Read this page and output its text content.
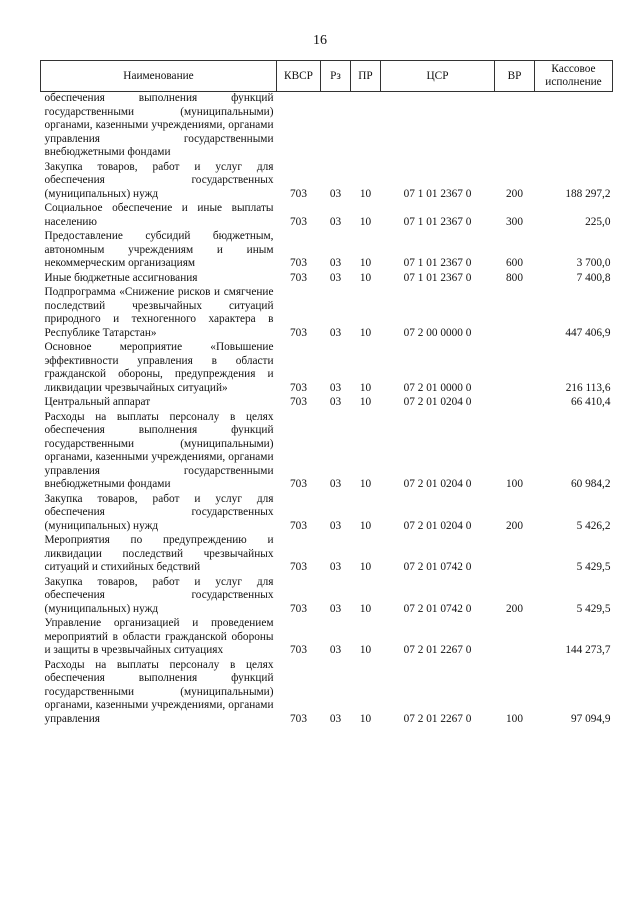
16
Наименование	КВСР	Рз	ПР	ЦСР	ВР	Кассовое исполнение
обеспечения выполнения функций государственными (муниципальными) органами, казенными учреждениями, органами управления государственными внебюджетными фондами						
Закупка товаров, работ и услуг для обеспечения государственных (муниципальных) нужд	703	03	10	07 1 01 2367 0	200	188 297,2
Социальное обеспечение и иные выплаты населению	703	03	10	07 1 01 2367 0	300	225,0
Предоставление субсидий бюджетным, автономным учреждениям и иным некоммерческим организациям	703	03	10	07 1 01 2367 0	600	3 700,0
Иные бюджетные ассигнования	703	03	10	07 1 01 2367 0	800	7 400,8
Подпрограмма «Снижение рисков и смягчение последствий чрезвычайных ситуаций природного и техногенного характера в Республике Татарстан»	703	03	10	07 2 00 0000 0		447 406,9
Основное мероприятие «Повышение эффективности управления в области гражданской обороны, предупреждения и ликвидации чрезвычайных ситуаций»	703	03	10	07 2 01 0000 0		216 113,6
Центральный аппарат	703	03	10	07 2 01 0204 0		66 410,4
Расходы на выплаты персоналу в целях обеспечения выполнения функций государственными (муниципальными) органами, казенными учреждениями, органами управления государственными внебюджетными фондами	703	03	10	07 2 01 0204 0	100	60 984,2
Закупка товаров, работ и услуг для обеспечения государственных (муниципальных) нужд	703	03	10	07 2 01 0204 0	200	5 426,2
Мероприятия по предупреждению и ликвидации последствий чрезвычайных ситуаций и стихийных бедствий	703	03	10	07 2 01 0742 0		5 429,5
Закупка товаров, работ и услуг для обеспечения государственных (муниципальных) нужд	703	03	10	07 2 01 0742 0	200	5 429,5
Управление организацией и проведением мероприятий в области гражданской обороны и защиты в чрезвычайных ситуациях	703	03	10	07 2 01 2267 0		144 273,7
Расходы на выплаты персоналу в целях обеспечения выполнения функций государственными (муниципальными) органами, казенными учреждениями, органами управления	703	03	10	07 2 01 2267 0	100	97 094,9
